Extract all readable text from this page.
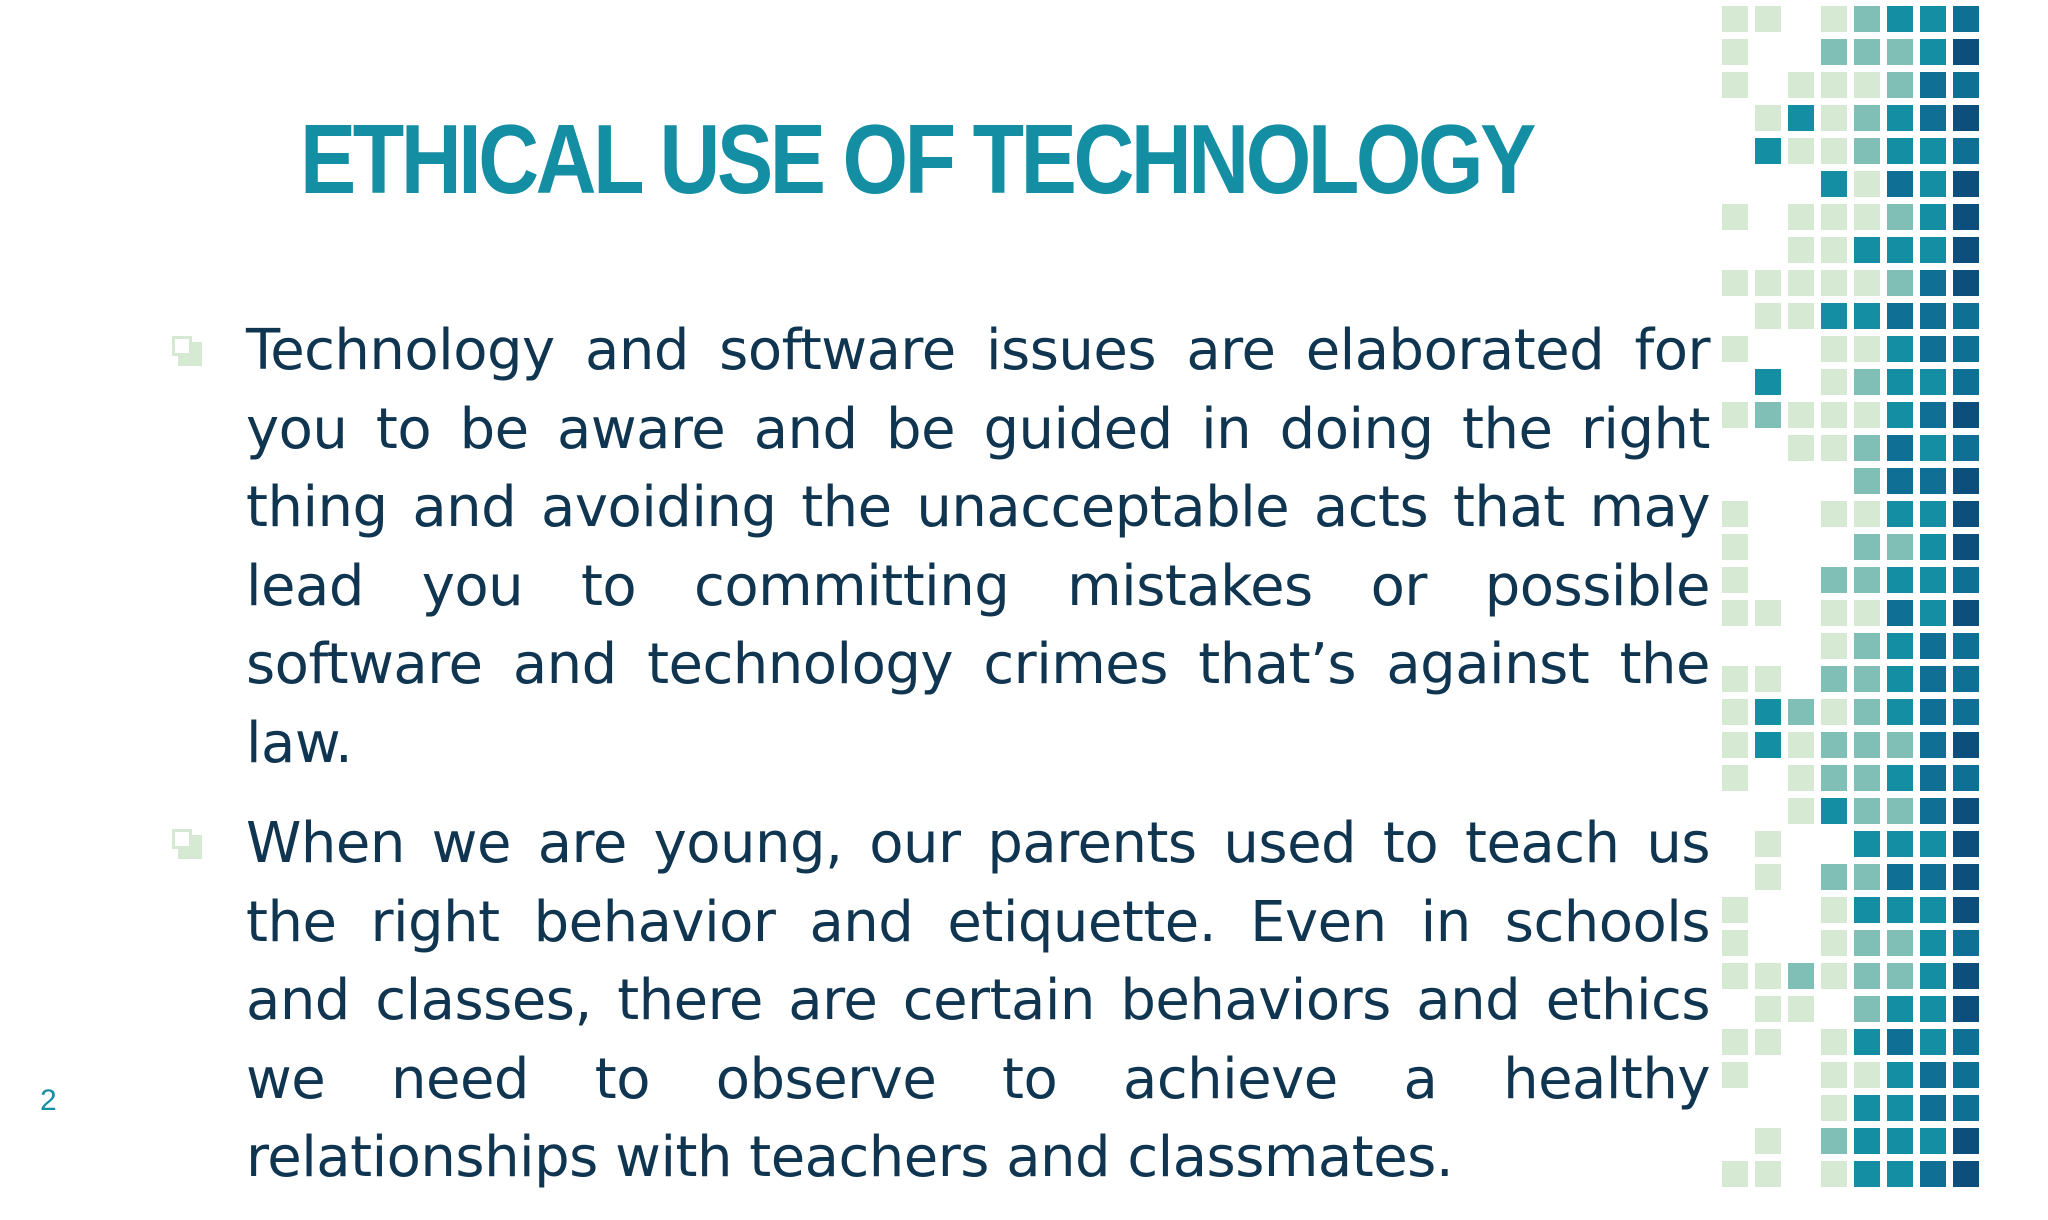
ETHICAL USE OF TECHNOLOGY

Technology and software issues are elaborated for you to be aware and be guided in doing the right thing and avoiding the unacceptable acts that may lead you to committing mistakes or possible software and technology crimes that’s against the law.

When we are young, our parents used to teach us the right behavior and etiquette. Even in schools and classes, there are certain behaviors and ethics we need to observe to achieve a healthy relationships with teachers and classmates.

2
